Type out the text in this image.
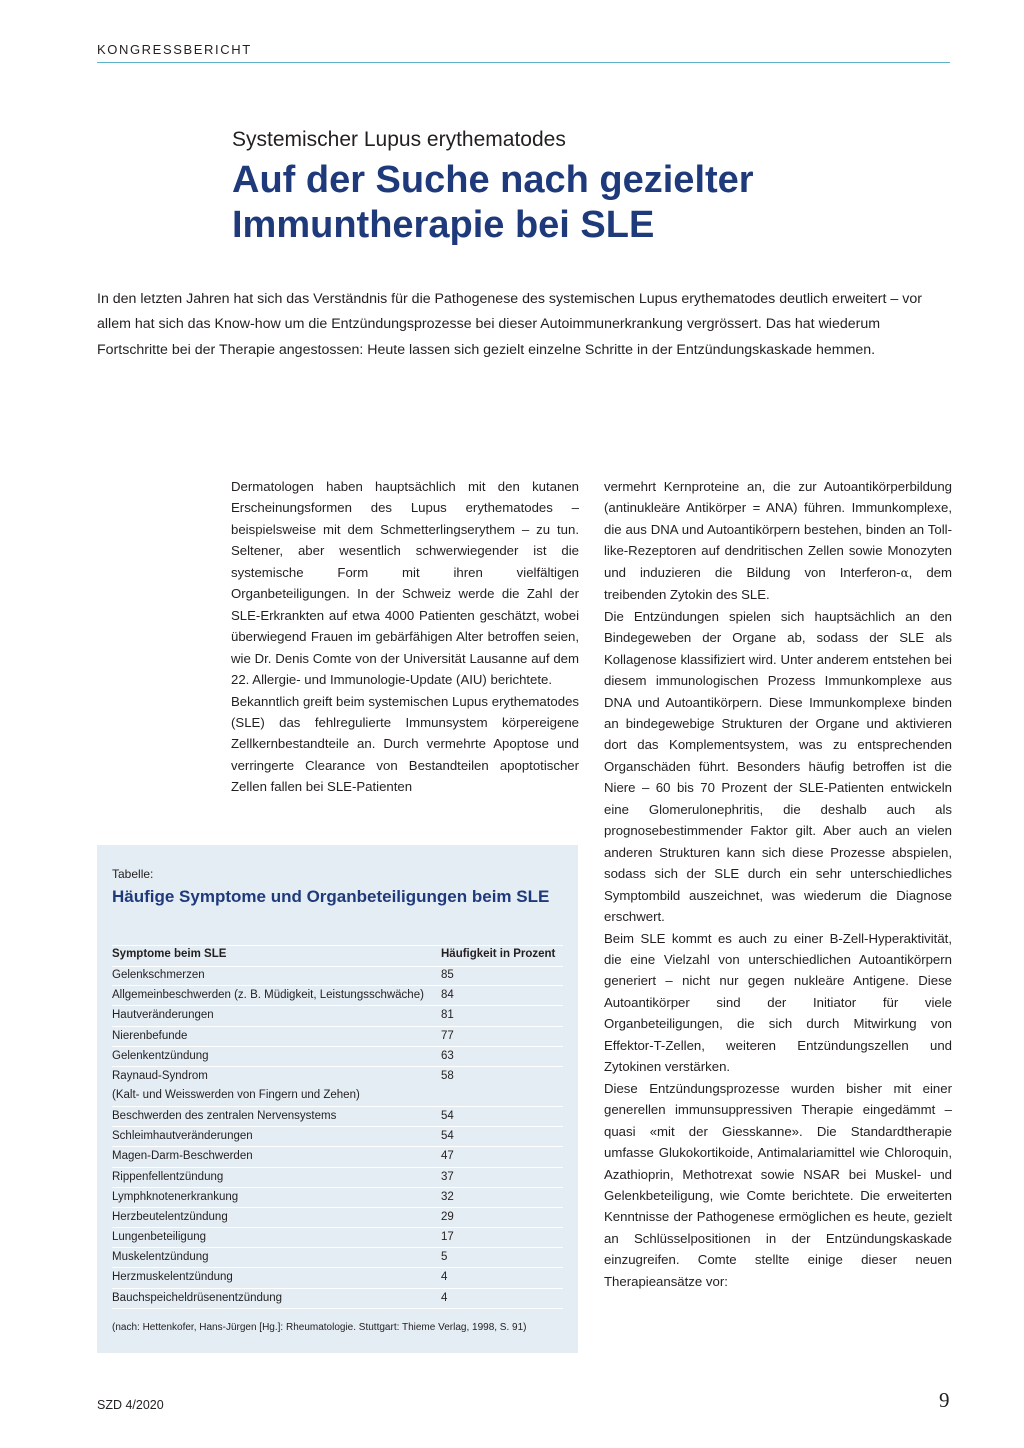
KONGRESSBERICHT
Systemischer Lupus erythematodes
Auf der Suche nach gezielter Immuntherapie bei SLE

In den letzten Jahren hat sich das Verständnis für die Pathogenese des systemischen Lupus erythematodes deutlich erweitert – vor allem hat sich das Know-how um die Entzündungsprozesse bei dieser Autoimmunerkrankung vergrössert. Das hat wiederum Fortschritte bei der Therapie angestossen: Heute lassen sich gezielt einzelne Schritte in der Entzündungskaskade hemmen.

Dermatologen haben hauptsächlich mit den kutanen Erscheinungsformen des Lupus erythematodes – beispielsweise mit dem Schmetterlingserythem – zu tun. Seltener, aber wesentlich schwerwiegender ist die systemische Form mit ihren vielfältigen Organbeteiligungen. In der Schweiz werde die Zahl der SLE-Erkrankten auf etwa 4000 Patienten geschätzt, wobei überwiegend Frauen im gebärfähigen Alter betroffen seien, wie Dr. Denis Comte von der Universität Lausanne auf dem 22. Allergie- und Immunologie-Update (AIU) berichtete.

Bekanntlich greift beim systemischen Lupus erythematodes (SLE) das fehlregulierte Immunsystem körpereigene Zellkernbestandteile an. Durch vermehrte Apoptose und verringerte Clearance von Bestandteilen apoptotischer Zellen fallen bei SLE-Patienten

vermehrt Kernproteine an, die zur Autoantikörperbildung (antinukleäre Antikörper = ANA) führen. Immunkomplexe, die aus DNA und Autoantikörpern bestehen, binden an Toll-like-Rezeptoren auf dendritischen Zellen sowie Monozyten und induzieren die Bildung von Interferon-α, dem treibenden Zytokin des SLE.

Die Entzündungen spielen sich hauptsächlich an den Bindegeweben der Organe ab, sodass der SLE als Kollagenose klassifiziert wird. Unter anderem entstehen bei diesem immunologischen Prozess Immunkomplexe aus DNA und Autoantikörpern. Diese Immunkomplexe binden an bindegewebige Strukturen der Organe und aktivieren dort das Komplementsystem, was zu entsprechenden Organschäden führt. Besonders häufig betroffen ist die Niere – 60 bis 70 Prozent der SLE-Patienten entwickeln eine Glomerulonephritis, die deshalb auch als prognosebestimmender Faktor gilt. Aber auch an vielen anderen Strukturen kann sich diese Prozesse abspielen, sodass sich der SLE durch ein sehr unterschiedliches Symptombild auszeichnet, was wiederum die Diagnose erschwert.

Beim SLE kommt es auch zu einer B-Zell-Hyperaktivität, die eine Vielzahl von unterschiedlichen Autoantikörpern generiert – nicht nur gegen nukleäre Antigene. Diese Autoantikörper sind der Initiator für viele Organbeteiligungen, die sich durch Mitwirkung von Effektor-T-Zellen, weiteren Entzündungszellen und Zytokinen verstärken.

Diese Entzündungsprozesse wurden bisher mit einer generellen immunsuppressiven Therapie eingedämmt – quasi «mit der Giesskanne». Die Standardtherapie umfasse Glukokortikoide, Antimalariamittel wie Chloroquin, Azathioprin, Methotrexat sowie NSAR bei Muskel- und Gelenkbeteiligung, wie Comte berichtete. Die erweiterten Kenntnisse der Pathogenese ermöglichen es heute, gezielt an Schlüsselpositionen in der Entzündungskaskade einzugreifen. Comte stellte einige dieser neuen Therapieansätze vor:

Tabelle:
Häufige Symptome und Organbeteiligungen beim SLE
Symptome beim SLE	Häufigkeit in Prozent
Gelenkschmerzen	85
Allgemeinbeschwerden (z. B. Müdigkeit, Leistungsschwäche) 84
Hautveränderungen	81
Nierenbefunde	77
Gelenkentzündung	63
Raynaud-Syndrom	58
(Kalt- und Weisswerden von Fingern und Zehen)
Beschwerden des zentralen Nervensystems	54
Schleimhautveränderungen	54
Magen-Darm-Beschwerden	47
Rippenfellentzündung	37
Lymphknotenerkrankung	32
Herzbeutelentzündung	29
Lungenbeteiligung	17
Muskelentzündung	5
Herzmuskelentzündung	4
Bauchspeicheldrüsenentzündung	4
(nach: Hettenkofer, Hans-Jürgen [Hg.]: Rheumatologie. Stuttgart: Thieme Verlag, 1998, S. 91)
SZD 4/2020	9
